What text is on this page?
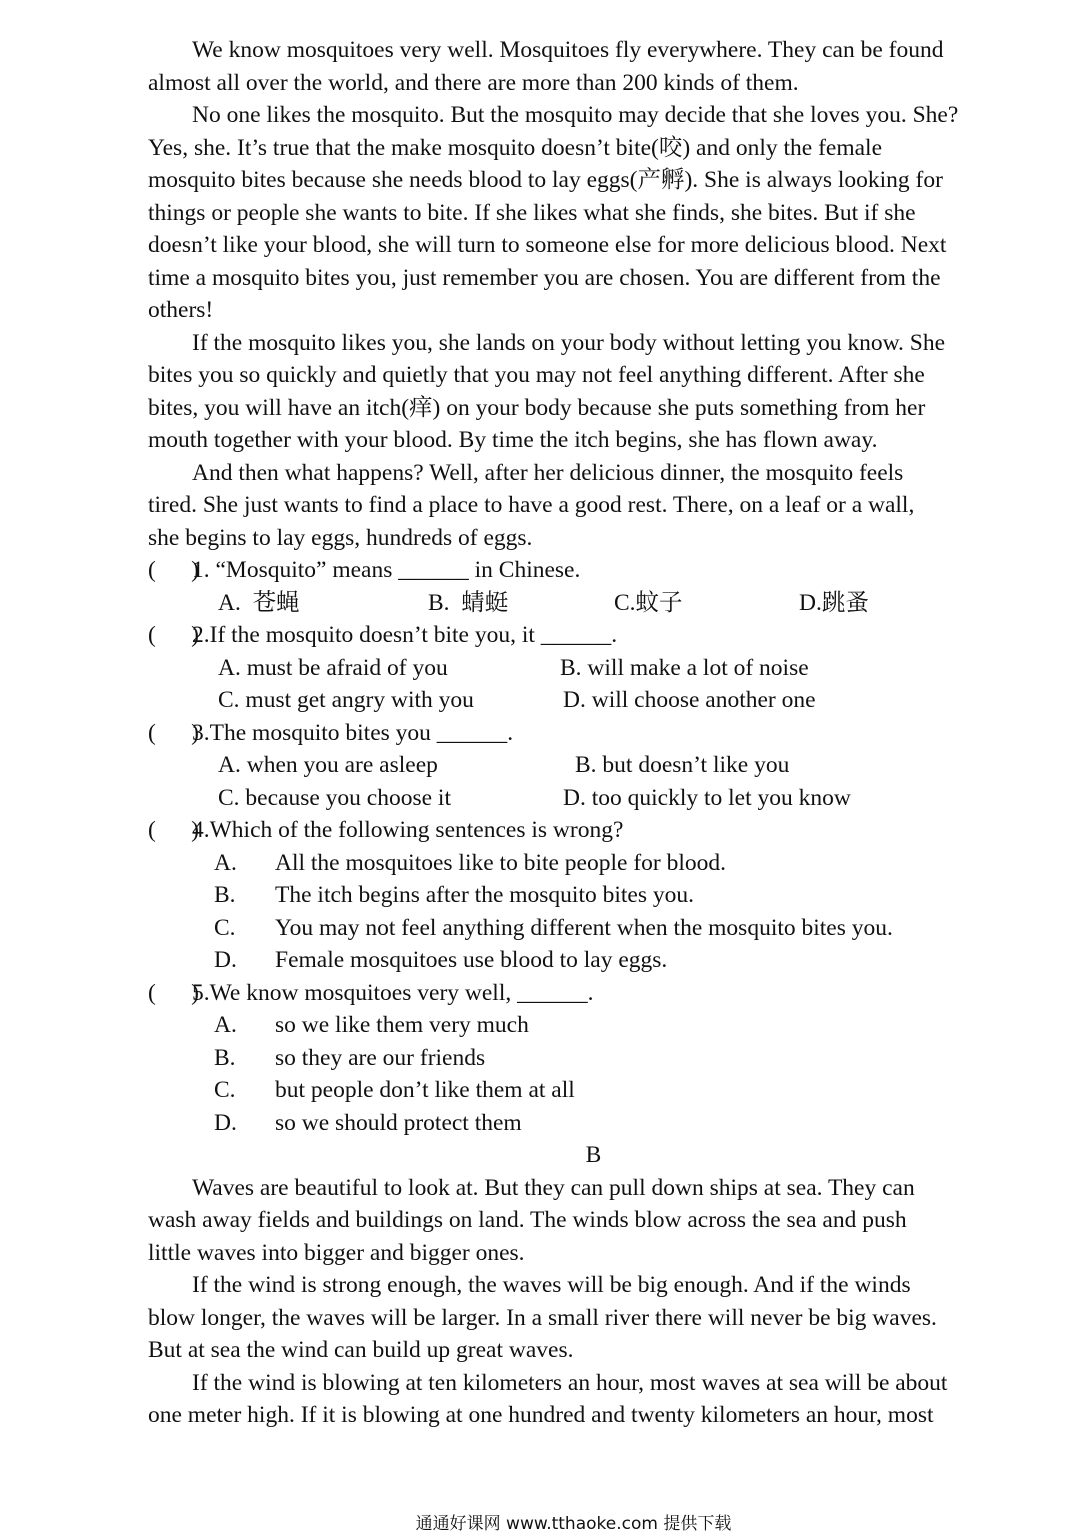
We know mosquitoes very well. Mosquitoes fly everywhere. They can be found
almost all over the world, and there are more than 200 kinds of them.
No one likes the mosquito. But the mosquito may decide that she loves you. She?
Yes, she. It’s true that the make mosquito doesn’t bite(咬) and only the female
mosquito bites because she needs blood to lay eggs(产孵). She is always looking for
things or people she wants to bite. If she likes what she finds, she bites. But if she
doesn’t like your blood, she will turn to someone else for more delicious blood. Next
time a mosquito bites you, just remember you are chosen. You are different from the
others!
If the mosquito likes you, she lands on your body without letting you know. She
bites you so quickly and quietly that you may not feel anything different. After she
bites, you will have an itch(痒) on your body because she puts something from her
mouth together with your blood. By time the itch begins, she has flown away.
And then what happens? Well, after her delicious dinner, the mosquito feels
tired. She just wants to find a place to have a good rest. There, on a leaf or a wall,
she begins to lay eggs, hundreds of eggs.
(      )
1. “Mosquito” means ______ in Chinese.
A.  苍蝇	B.  蜻蜓	C.蚊子	D.跳蚤
(      )
2.If the mosquito doesn’t bite you, it ______.
A. must be afraid of you	B. will make a lot of noise
C. must get angry with you	D. will choose another one
(      )
3.The mosquito bites you ______.
A. when you are asleep	B. but doesn’t like you
C. because you choose it	D. too quickly to let you know
(      )
4.Which of the following sentences is wrong?
A. All the mosquitoes like to bite people for blood.
B. The itch begins after the mosquito bites you.
C. You may not feel anything different when the mosquito bites you.
D. Female mosquitoes use blood to lay eggs.
(      )
5.We know mosquitoes very well, ______.
A. so we like them very much
B. so they are our friends
C. but people don’t like them at all
D. so we should protect them
B
Waves are beautiful to look at. But they can pull down ships at sea. They can
wash away fields and buildings on land. The winds blow across the sea and push
little waves into bigger and bigger ones.
If the wind is strong enough, the waves will be big enough. And if the winds
blow longer, the waves will be larger. In a small river there will never be big waves.
But at sea the wind can build up great waves.
If the wind is blowing at ten kilometers an hour, most waves at sea will be about
one meter high. If it is blowing at one hundred and twenty kilometers an hour, most
通通好课网 www.tthaoke.com 提供下载
